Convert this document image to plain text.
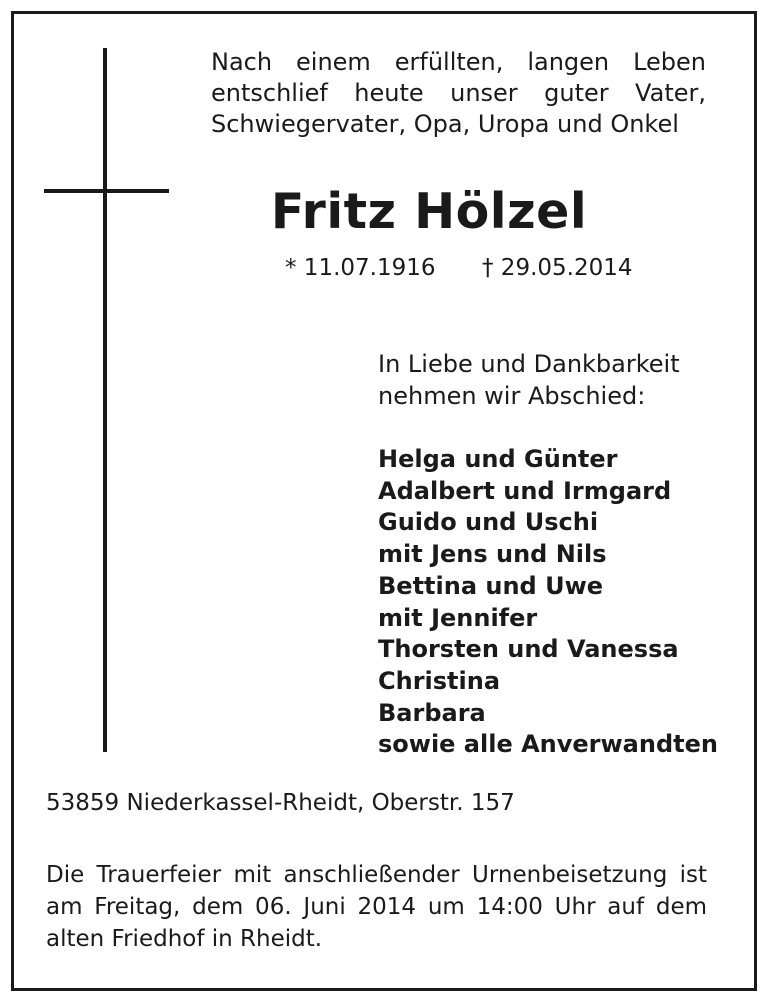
Nach einem erfüllten, langen Leben
entschlief heute unser guter Vater,
Schwiegervater, Opa, Uropa und Onkel
Fritz Hölzel
* 11.07.1916 † 29.05.2014
In Liebe und Dankbarkeit
nehmen wir Abschied:
Helga und Günter
Adalbert und Irmgard
Guido und Uschi
mit Jens und Nils
Bettina und Uwe
mit Jennifer
Thorsten und Vanessa
Christina
Barbara
sowie alle Anverwandten
53859 Niederkassel-Rheidt, Oberstr. 157
Die Trauerfeier mit anschließender Urnenbeisetzung ist
am Freitag, dem 06. Juni 2014 um 14:00 Uhr auf dem
alten Friedhof in Rheidt.
